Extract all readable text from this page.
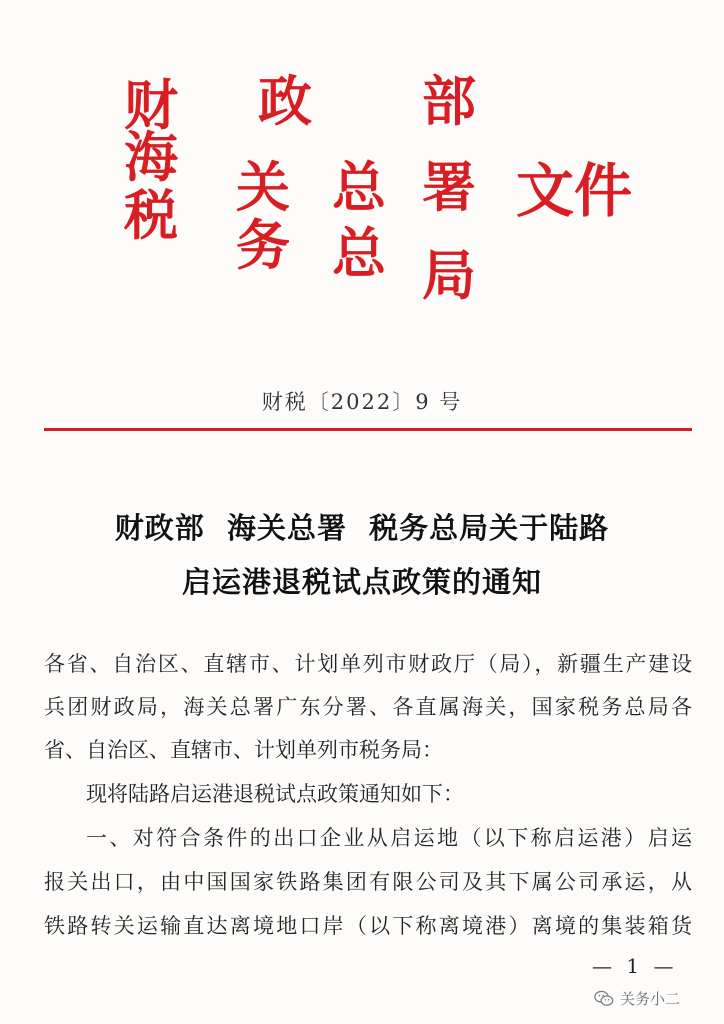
财
海
税
政
关
务
总
总
部
署
局
文件
财税〔2022〕9 号
财政部  海关总署  税务总局关于陆路
启运港退税试点政策的通知
各省、自治区、直辖市、计划单列市财政厅（局），新疆生产建设
兵团财政局，海关总署广东分署、各直属海关，国家税务总局各
省、自治区、直辖市、计划单列市税务局：
现将陆路启运港退税试点政策通知如下：
一、对符合条件的出口企业从启运地（以下称启运港）启运
报关出口，由中国国家铁路集团有限公司及其下属公司承运，从
铁路转关运输直达离境地口岸（以下称离境港）离境的集装箱货
— 1 —
关务小二
